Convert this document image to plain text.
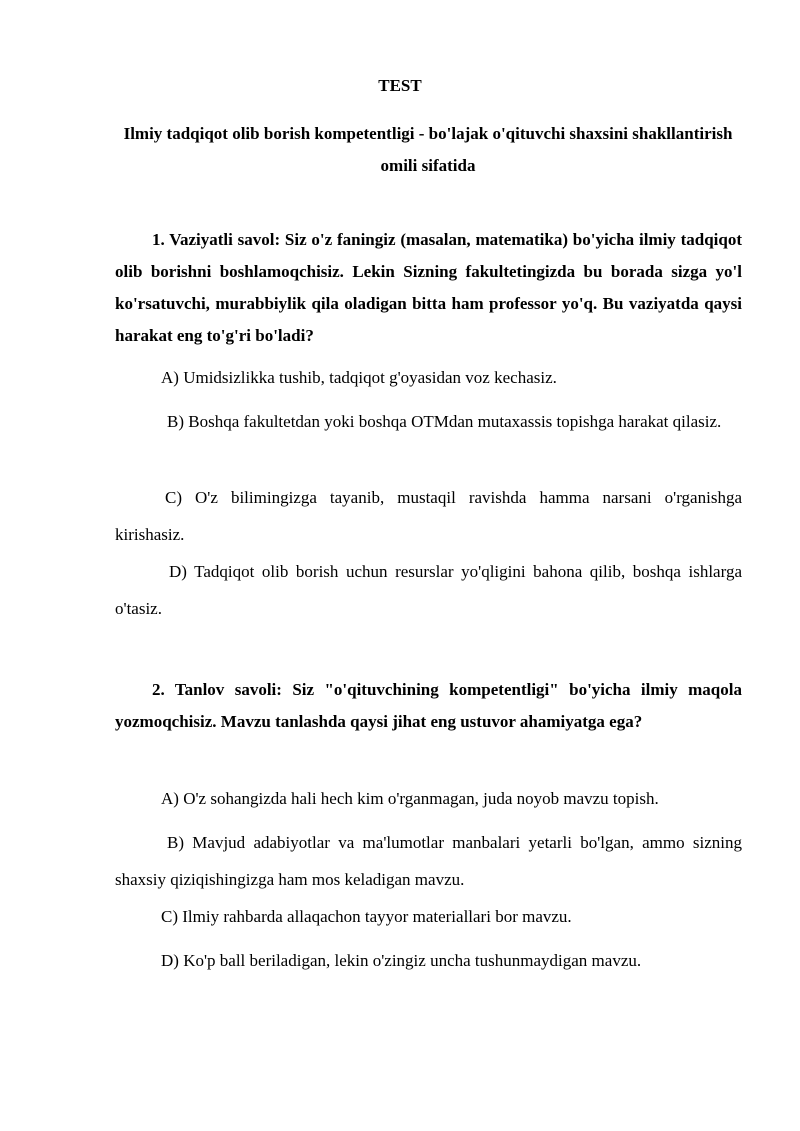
TEST
Ilmiy tadqiqot olib borish kompetentligi - bo'lajak o'qituvchi shaxsini shakllantirish omili sifatida
1. Vaziyatli savol: Siz o'z faningiz (masalan, matematika) bo'yicha ilmiy tadqiqot olib borishni boshlamoqchisiz. Lekin Sizning fakultetingizda bu borada sizga yo'l ko'rsatuvchi, murabbiylik qila oladigan bitta ham professor yo'q. Bu vaziyatda qaysi harakat eng to'g'ri bo'ladi?
A) Umidsizlikka tushib, tadqiqot g'oyasidan voz kechasiz.
B) Boshqa fakultetdan yoki boshqa OTMdan mutaxassis topishga harakat qilasiz.
C) O'z bilimingizga tayanib, mustaqil ravishda hamma narsani o'rganishga kirishasiz.
D) Tadqiqot olib borish uchun resurslar yo'qligini bahona qilib, boshqa ishlarga o'tasiz.
2. Tanlov savoli: Siz "o'qituvchining kompetentligi" bo'yicha ilmiy maqola yozmoqchisiz. Mavzu tanlashda qaysi jihat eng ustuvor ahamiyatga ega?
A) O'z sohangizda hali hech kim o'rganmagan, juda noyob mavzu topish.
B) Mavjud adabiyotlar va ma'lumotlar manbalari yetarli bo'lgan, ammo sizning shaxsiy qiziqishingizga ham mos keladigan mavzu.
C) Ilmiy rahbarda allaqachon tayyor materiallari bor mavzu.
D) Ko'p ball beriladigan, lekin o'zingiz uncha tushunmaydigan mavzu.
